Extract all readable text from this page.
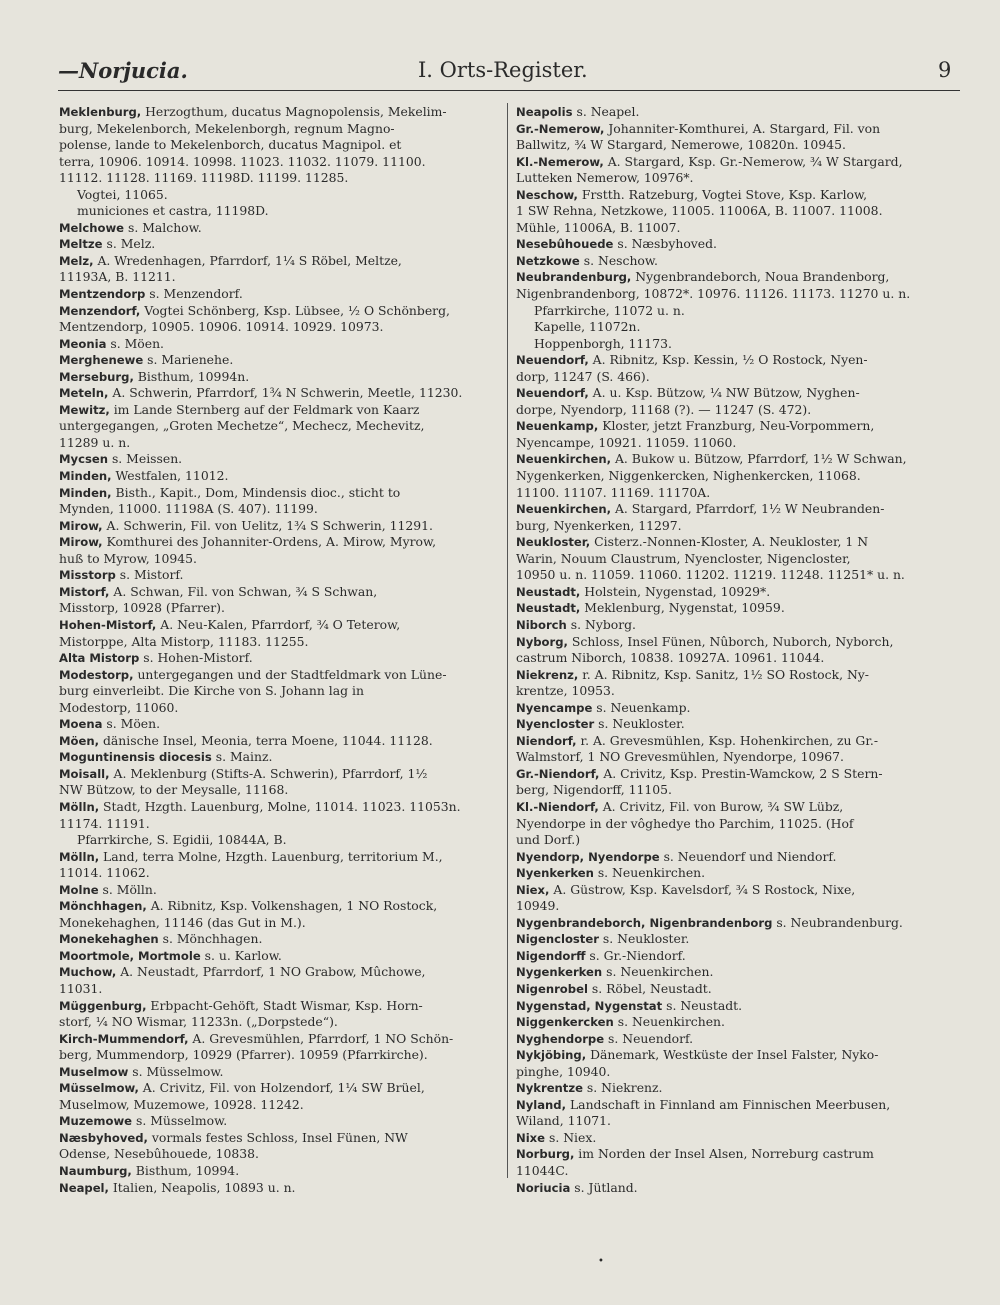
—Norjucia.	I. Orts-Register.	9
Meklenburg, Herzogthum, ducatus Magnopolensis, Mekelim-
burg, Mekelenborch, Mekelenborgh, regnum Magno-
polense, lande to Mekelenborch, ducatus Magnipol. et
terra, 10906. 10914. 10998. 11023. 11032. 11079. 11100.
11112. 11128. 11169. 11198D. 11199. 11285.
Vogtei, 11065.
municiones et castra, 11198D.
Melchowe s. Malchow.
Meltze s. Melz.
Melz, A. Wredenhagen, Pfarrdorf, 1¼ S Röbel, Meltze,
11193A, B. 11211.
Mentzendorp s. Menzendorf.
Menzendorf, Vogtei Schönberg, Ksp. Lübsee, ½ O Schönberg,
Mentzendorp, 10905. 10906. 10914. 10929. 10973.
Meonia s. Möen.
Merghenewe s. Marienehe.
Merseburg, Bisthum, 10994n.
Meteln, A. Schwerin, Pfarrdorf, 1³⁄₄ N Schwerin, Meetle, 11230.
Mewitz, im Lande Sternberg auf der Feldmark von Kaarz
untergegangen, „Groten Mechetze“, Mechecz, Mechevitz,
11289 u. n.
Mycsen s. Meissen.
Minden, Westfalen, 11012.
Minden, Bisth., Kapit., Dom, Mindensis dioc., sticht to
Mynden, 11000. 11198A (S. 407). 11199.
Mirow, A. Schwerin, Fil. von Uelitz, 1¾ S Schwerin, 11291.
Mirow, Komthurei des Johanniter-Ordens, A. Mirow, Myrow,
huß to Myrow, 10945.
Misstorp s. Mistorf.
Mistorf, A. Schwan, Fil. von Schwan, ¾ S Schwan,
Misstorp, 10928 (Pfarrer).
Hohen-Mistorf, A. Neu-Kalen, Pfarrdorf, ¾ O Teterow,
Mistorppe, Alta Mistorp, 11183. 11255.
Alta Mistorp s. Hohen-Mistorf.
Modestorp, untergegangen und der Stadtfeldmark von Lüne-
burg einverleibt. Die Kirche von S. Johann lag in
Modestorp, 11060.
Moena s. Möen.
Möen, dänische Insel, Meonia, terra Moene, 11044. 11128.
Moguntinensis diocesis s. Mainz.
Moisall, A. Meklenburg (Stifts-A. Schwerin), Pfarrdorf, 1½
NW Bützow, to der Meysalle, 11168.
Mölln, Stadt, Hzgth. Lauenburg, Molne, 11014. 11023. 11053n.
11174. 11191.
Pfarrkirche, S. Egidii, 10844A, B.
Mölln, Land, terra Molne, Hzgth. Lauenburg, territorium M.,
11014. 11062.
Molne s. Mölln.
Mönchhagen, A. Ribnitz, Ksp. Volkenshagen, 1 NO Rostock,
Monekehaghen, 11146 (das Gut in M.).
Monekehaghen s. Mönchhagen.
Moortmole, Mortmole s. u. Karlow.
Muchow, A. Neustadt, Pfarrdorf, 1 NO Grabow, Mûchowe,
11031.
Müggenburg, Erbpacht-Gehöft, Stadt Wismar, Ksp. Horn-
storf, ¼ NO Wismar, 11233n. („Dorpstede“).
Kirch-Mummendorf, A. Grevesmühlen, Pfarrdorf, 1 NO Schön-
berg, Mummendorp, 10929 (Pfarrer). 10959 (Pfarrkirche).
Muselmow s. Müsselmow.
Müsselmow, A. Crivitz, Fil. von Holzendorf, 1¼ SW Brüel,
Muselmow, Muzemowe, 10928. 11242.
Muzemowe s. Müsselmow.
Næsbyhoved, vormals festes Schloss, Insel Fünen, NW
Odense, Nesebûhouede, 10838.
Naumburg, Bisthum, 10994.
Neapel, Italien, Neapolis, 10893 u. n.
Neapolis s. Neapel.
Gr.-Nemerow, Johanniter-Komthurei, A. Stargard, Fil. von
Ballwitz, ¾ W Stargard, Nemerowe, 10820n. 10945.
Kl.-Nemerow, A. Stargard, Ksp. Gr.-Nemerow, ¾ W Stargard,
Lutteken Nemerow, 10976*.
Neschow, Frstth. Ratzeburg, Vogtei Stove, Ksp. Karlow,
1 SW Rehna, Netzkowe, 11005. 11006A, B. 11007. 11008.
Mühle, 11006A, B. 11007.
Nesebûhouede s. Næsbyhoved.
Netzkowe s. Neschow.
Neubrandenburg, Nygenbrandeborch, Noua Brandenborg,
Nigenbrandenborg, 10872*. 10976. 11126. 11173. 11270 u. n.
Pfarrkirche, 11072 u. n.
Kapelle, 11072n.
Hoppenborgh, 11173.
Neuendorf, A. Ribnitz, Ksp. Kessin, ½ O Rostock, Nyen-
dorp, 11247 (S. 466).
Neuendorf, A. u. Ksp. Bützow, ¼ NW Bützow, Nyghen-
dorpe, Nyendorp, 11168 (?). — 11247 (S. 472).
Neuenkamp, Kloster, jetzt Franzburg, Neu-Vorpommern,
Nyencampe, 10921. 11059. 11060.
Neuenkirchen, A. Bukow u. Bützow, Pfarrdorf, 1½ W Schwan,
Nygenkerken, Niggenkercken, Nighenkercken, 11068.
11100. 11107. 11169. 11170A.
Neuenkirchen, A. Stargard, Pfarrdorf, 1½ W Neubranden-
burg, Nyenkerken, 11297.
Neukloster, Cisterz.-Nonnen-Kloster, A. Neukloster, 1 N
Warin, Nouum Claustrum, Nyencloster, Nigencloster,
10950 u. n. 11059. 11060. 11202. 11219. 11248. 11251* u. n.
Neustadt, Holstein, Nygenstad, 10929*.
Neustadt, Meklenburg, Nygenstat, 10959.
Niborch s. Nyborg.
Nyborg, Schloss, Insel Fünen, Nûborch, Nuborch, Nyborch,
castrum Niborch, 10838. 10927A. 10961. 11044.
Niekrenz, r. A. Ribnitz, Ksp. Sanitz, 1½ SO Rostock, Ny-
krentze, 10953.
Nyencampe s. Neuenkamp.
Nyencloster s. Neukloster.
Niendorf, r. A. Grevesmühlen, Ksp. Hohenkirchen, zu Gr.-
Walmstorf, 1 NO Grevesmühlen, Nyendorpe, 10967.
Gr.-Niendorf, A. Crivitz, Ksp. Prestin-Wamckow, 2 S Stern-
berg, Nigendorff, 11105.
Kl.-Niendorf, A. Crivitz, Fil. von Burow, ¾ SW Lübz,
Nyendorpe in der vôghedye tho Parchim, 11025. (Hof
und Dorf.)
Nyendorp, Nyendorpe s. Neuendorf und Niendorf.
Nyenkerken s. Neuenkirchen.
Niex, A. Güstrow, Ksp. Kavelsdorf, ¾ S Rostock, Nixe,
10949.
Nygenbrandeborch, Nigenbrandenborg s. Neubrandenburg.
Nigencloster s. Neukloster.
Nigendorff s. Gr.-Niendorf.
Nygenkerken s. Neuenkirchen.
Nigenrobel s. Röbel, Neustadt.
Nygenstad, Nygenstat s. Neustadt.
Niggenkercken s. Neuenkirchen.
Nyghendorpe s. Neuendorf.
Nykjöbing, Dänemark, Westküste der Insel Falster, Nyko-
pinghe, 10940.
Nykrentze s. Niekrenz.
Nyland, Landschaft in Finnland am Finnischen Meerbusen,
Wiland, 11071.
Nixe s. Niex.
Norburg, im Norden der Insel Alsen, Norreburg castrum
11044C.
Noriucia s. Jütland.
•
